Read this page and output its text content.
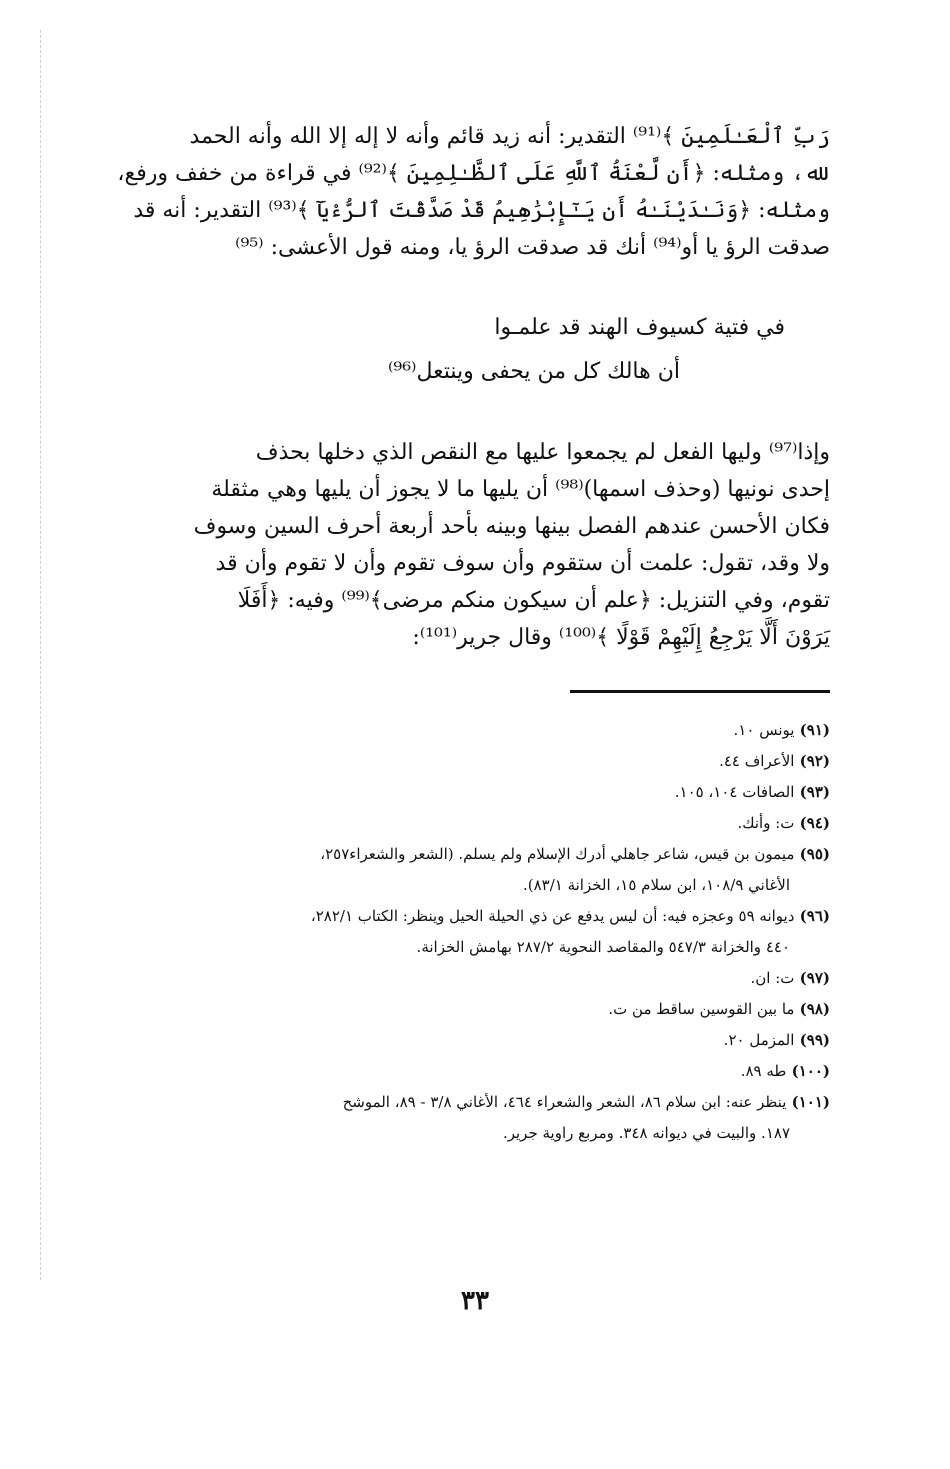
رَبِّ ٱلْعَـٰلَمِينَ ﴾⁽⁹¹⁾ التقدير: أنه زيد قائم وأنه لا إله إلا الله وأنه الحمد
لله، ومثله: ﴿أَن لَّعْنَةُ ٱللَّهِ عَلَى ٱلظَّـٰلِمِينَ ﴾⁽⁹²⁾ في قراءة من خفف ورفع،
ومثله: ﴿وَنَـٰدَيْنَـٰهُ أَن يَـٰٓإِبْرَٰهِيمُ قَدْ صَدَّقْتَ ٱلرُّءْيَآ ﴾⁽⁹³⁾ التقدير: أنه قد
صدقت الرؤ يا أو⁽⁹⁴⁾ أنك قد صدقت الرؤ يا، ومنه قول الأعشى: ⁽⁹⁵⁾

في فتية كسيوف الهند قد علمـوا
أن هالك كل من يحفى وينتعل⁽⁹⁶⁾

وإذا⁽⁹⁷⁾ وليها الفعل لم يجمعوا عليها مع النقص الذي دخلها بحذف
إحدى نونيها (وحذف اسمها)⁽⁹⁸⁾ أن يليها ما لا يجوز أن يليها وهي مثقلة
فكان الأحسن عندهم الفصل بينها وبينه بأحد أربعة أحرف السين وسوف
ولا وقد، تقول: علمت أن ستقوم وأن سوف تقوم وأن لا تقوم وأن قد
تقوم، وفي التنزيل: ﴿علم أن سيكون منكم مرضى﴾⁽⁹⁹⁾ وفيه: ﴿أَفَلَا
يَرَوْنَ أَلَّا يَرْجِعُ إِلَيْهِمْ قَوْلًا ﴾⁽¹⁰⁰⁾ وقال جرير⁽¹⁰¹⁾:

(٩١) يونس ١٠.
(٩٢) الأعراف ٤٤.
(٩٣) الصافات ١٠٤، ١٠٥.
(٩٤) ت: وأنك.
(٩٥) ميمون بن قيس، شاعر جاهلي أدرك الإسلام ولم يسلم. (الشعر والشعراء٢٥٧،
الأغاني ١٠٨/٩، ابن سلام ١٥، الخزانة ٨٣/١).
(٩٦) ديوانه ٥٩ وعجزه فيه: أن ليس يدفع عن ذي الحيلة الحيل وينظر: الكتاب ٢٨٢/١،
٤٤٠ والخزانة ٥٤٧/٣ والمقاصد النحوية ٢٨٧/٢ بهامش الخزانة.
(٩٧) ت: ان.
(٩٨) ما بين القوسين ساقط من ت.
(٩٩) المزمل ٢٠.
(١٠٠) طه ٨٩.
(١٠١) ينظر عنه: ابن سلام ٨٦، الشعر والشعراء ٤٦٤، الأغاني ٣/٨ - ٨٩، الموشح
١٨٧. والبيت في ديوانه ٣٤٨. ومربع راوية جرير.
٣٣
